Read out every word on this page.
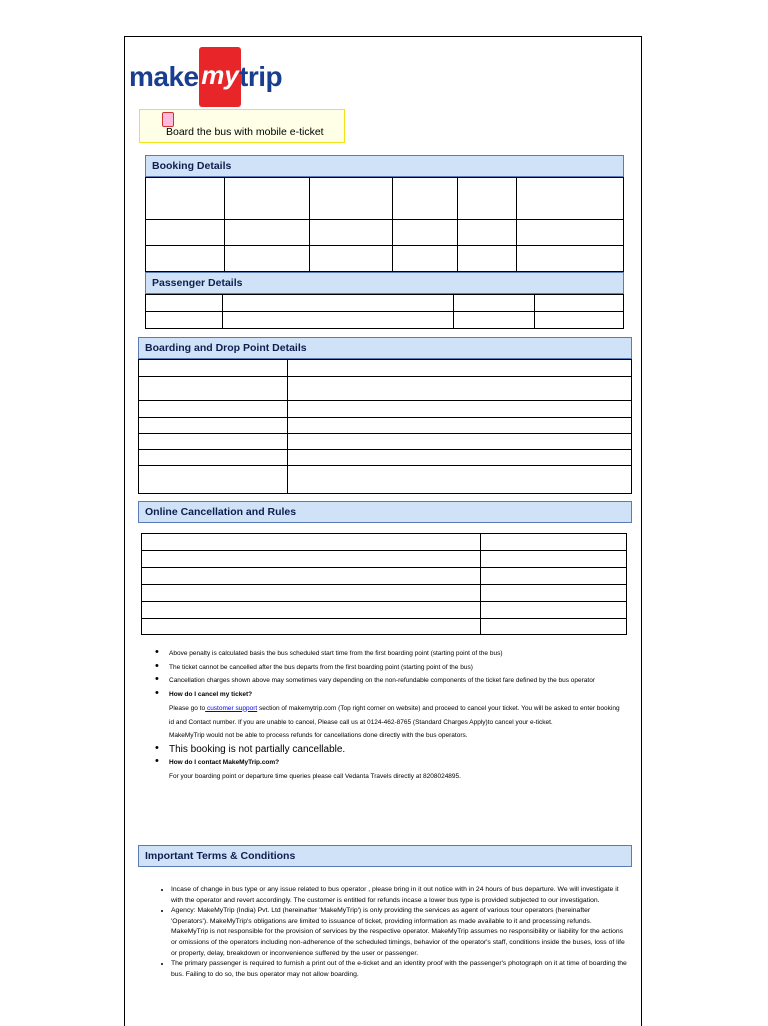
make my trip
Board the bus with mobile e-ticket
Booking Details

Passenger Details

Boarding and Drop Point Details

Online Cancellation and Rules

• Above penalty is calculated basis the bus scheduled start time from the first boarding point (starting point of the bus)
• The ticket cannot be cancelled after the bus departs from the first boarding point (starting point of the bus)
• Cancellation charges shown above may sometimes vary depending on the non-refundable components of the ticket fare defined by the bus operator
• How do I cancel my ticket?
Please go to customer support section of makemytrip.com (Top right corner on website) and proceed to cancel your ticket. You will be asked to enter booking id and Contact number. If you are unable to cancel, Please call us at 0124-462-8765 (Standard Charges Apply)to cancel your e-ticket.
MakeMyTrip would not be able to process refunds for cancellations done directly with the bus operators.
• This booking is not partially cancellable.
• How do I contact MakeMyTrip.com?
For your boarding point or departure time queries please call Vedanta Travels directly at 8208024895.
Important Terms & Conditions
• Incase of change in bus type or any issue related to bus operator , please bring in it out notice with in 24 hours of bus departure. We will investigate it with the operator and revert accordingly. The customer is entitled for refunds incase a lower bus type is provided subjected to our investigation.
• Agency: MakeMyTrip (India) Pvt. Ltd (hereinafter 'MakeMyTrip') is only providing the services as agent of various tour operators (hereinafter 'Operators'). MakeMyTrip's obligations are limited to issuance of ticket, providing information as made available to it and processing refunds. MakeMyTrip is not responsible for the provision of services by the respective operator. MakeMyTrip assumes no responsibility or liability for the actions or omissions of the operators including non-adherence of the scheduled timings, behavior of the operator's staff, conditions inside the buses, loss of life or property, delay, breakdown or inconvenience suffered by the user or passenger.
• The primary passenger is required to furnish a print out of the e-ticket and an identity proof with the passenger's photograph on it at time of boarding the bus. Failing to do so, the bus operator may not allow boarding.
